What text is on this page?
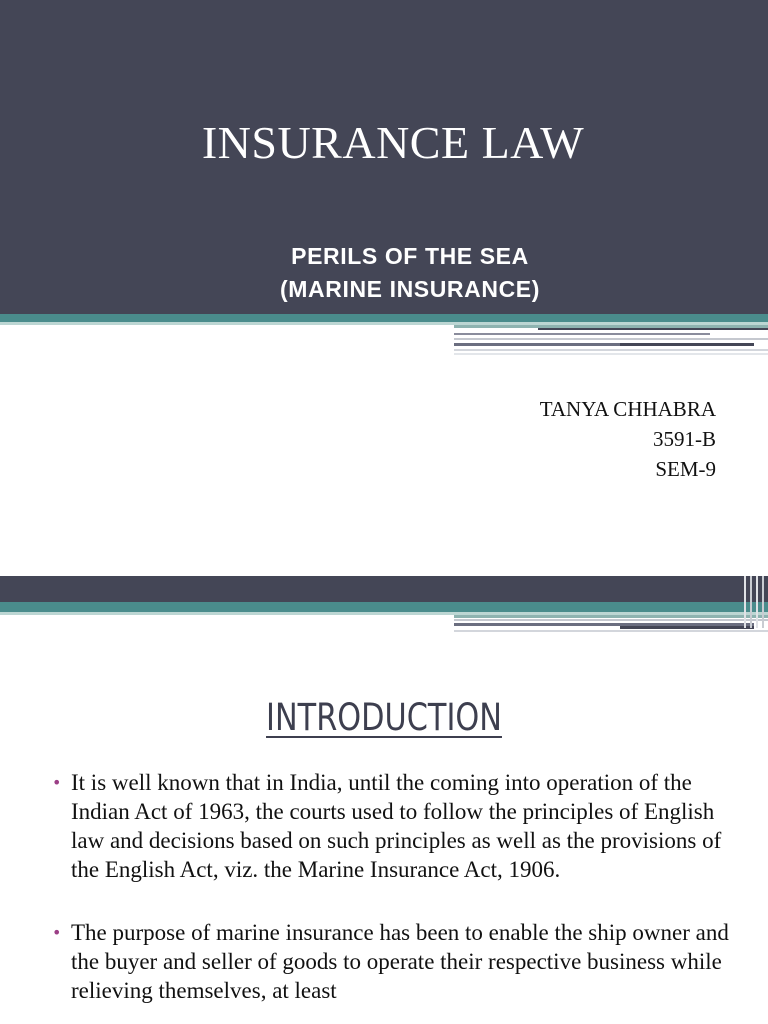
INSURANCE LAW
PERILS OF THE SEA
(MARINE INSURANCE)
TANYA CHHABRA
3591-B
SEM-9
INTRODUCTION
• It is well known that in India, until the coming into operation of the Indian Act of 1963, the courts used to follow the principles of English law and decisions based on such principles as well as the provisions of the English Act, viz. the Marine Insurance Act, 1906.
• The purpose of marine insurance has been to enable the ship owner and the buyer and seller of goods to operate their respective business while relieving themselves, at least
